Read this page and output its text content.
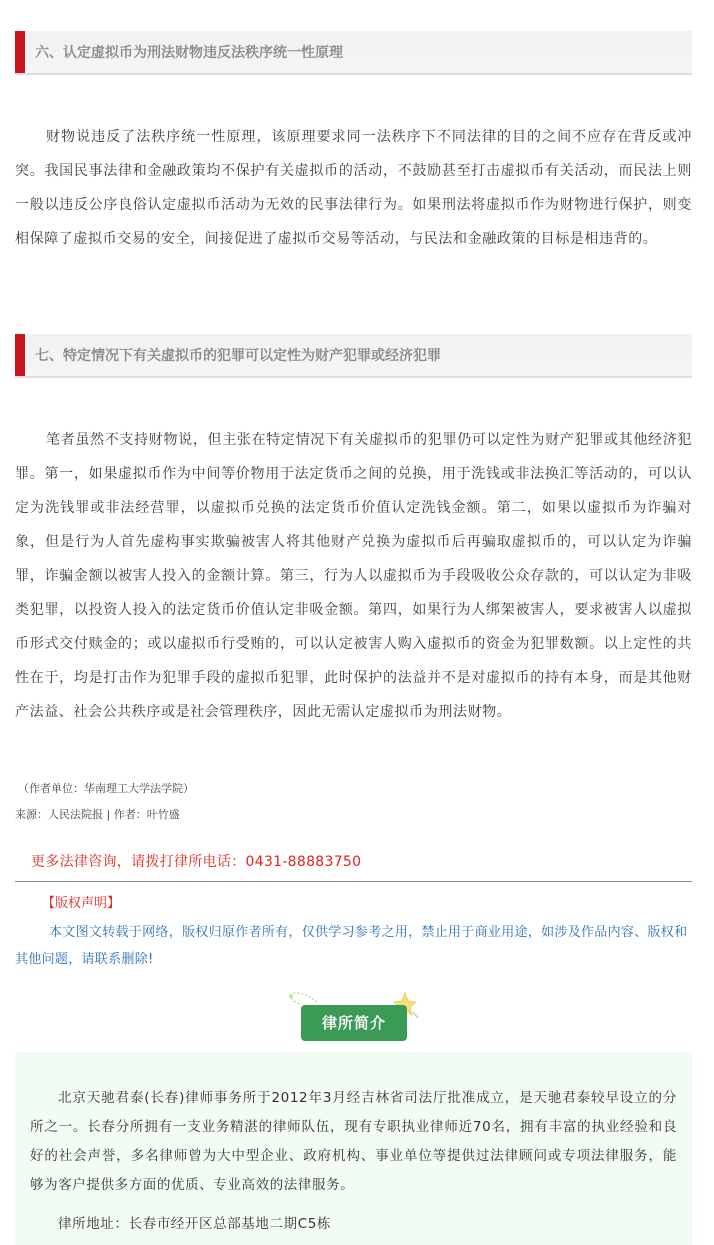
六、认定虚拟币为刑法财物违反法秩序统一性原理

财物说违反了法秩序统一性原理，该原理要求同一法秩序下不同法律的目的之间不应存在背反或冲突。我国民事法律和金融政策均不保护有关虚拟币的活动，不鼓励甚至打击虚拟币有关活动，而民法上则一般以违反公序良俗认定虚拟币活动为无效的民事法律行为。如果刑法将虚拟币作为财物进行保护，则变相保障了虚拟币交易的安全，间接促进了虚拟币交易等活动，与民法和金融政策的目标是相违背的。

七、特定情况下有关虚拟币的犯罪可以定性为财产犯罪或经济犯罪

笔者虽然不支持财物说，但主张在特定情况下有关虚拟币的犯罪仍可以定性为财产犯罪或其他经济犯罪。第一，如果虚拟币作为中间等价物用于法定货币之间的兑换，用于洗钱或非法换汇等活动的，可以认定为洗钱罪或非法经营罪，以虚拟币兑换的法定货币价值认定洗钱金额。第二，如果以虚拟币为诈骗对象，但是行为人首先虚构事实欺骗被害人将其他财产兑换为虚拟币后再骗取虚拟币的，可以认定为诈骗罪，诈骗金额以被害人投入的金额计算。第三，行为人以虚拟币为手段吸收公众存款的，可以认定为非吸类犯罪，以投资人投入的法定货币价值认定非吸金额。第四，如果行为人绑架被害人，要求被害人以虚拟币形式交付赎金的；或以虚拟币行受贿的，可以认定被害人购入虚拟币的资金为犯罪数额。以上定性的共性在于，均是打击作为犯罪手段的虚拟币犯罪，此时保护的法益并不是对虚拟币的持有本身，而是其他财产法益、社会公共秩序或是社会管理秩序，因此无需认定虚拟币为刑法财物。

（作者单位：华南理工大学法学院）
来源：人民法院报 | 作者：叶竹盛
更多法律咨询，请拨打律所电话：0431-88883750
【版权声明】

本文图文转载于网络，版权归原作者所有，仅供学习参考之用，禁止用于商业用途，如涉及作品内容、版权和其他问题，请联系删除!

律所简介

北京天驰君泰(长春)律师事务所于2012年3月经吉林省司法厅批准成立，是天驰君泰较早设立的分所之一。长春分所拥有一支业务精湛的律师队伍，现有专职执业律师近70名，拥有丰富的执业经验和良好的社会声誉，多名律师曾为大中型企业、政府机构、事业单位等提供过法律顾问或专项法律服务，能够为客户提供多方面的优质、专业高效的法律服务。

律所地址：长春市经开区总部基地二期C5栋
